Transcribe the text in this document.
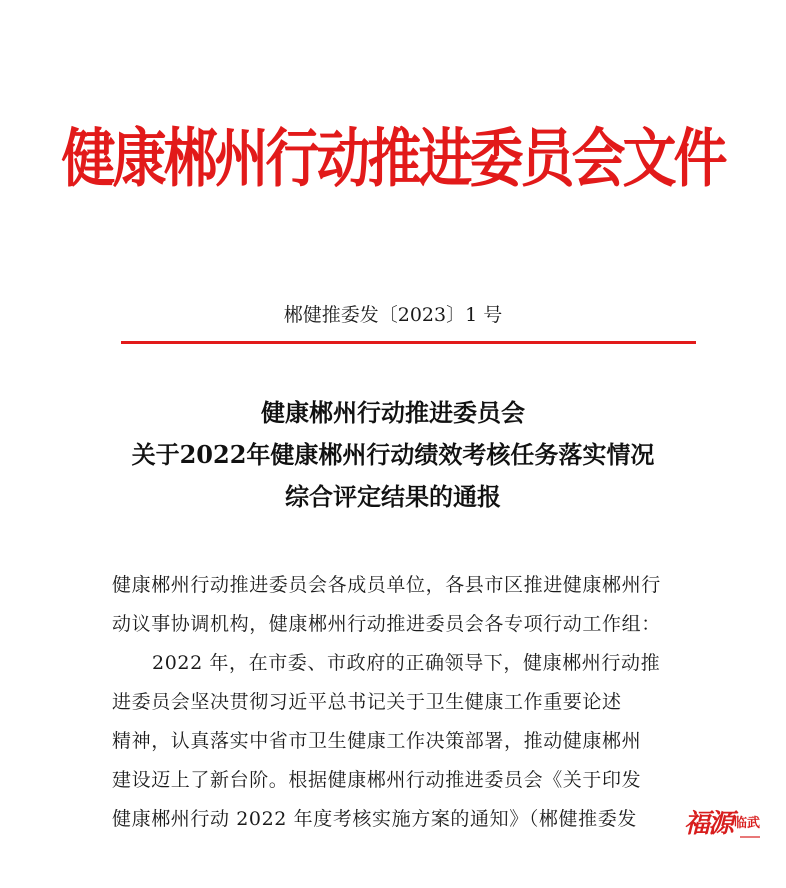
健康郴州行动推进委员会文件
郴健推委发〔2023〕1 号
健康郴州行动推进委员会
关于2022年健康郴州行动绩效考核任务落实情况
综合评定结果的通报
健康郴州行动推进委员会各成员单位，各县市区推进健康郴州行
动议事协调机构，健康郴州行动推进委员会各专项行动工作组：
2022 年，在市委、市政府的正确领导下，健康郴州行动推
进委员会坚决贯彻习近平总书记关于卫生健康工作重要论述
精神，认真落实中省市卫生健康工作决策部署，推动健康郴州
建设迈上了新台阶。根据健康郴州行动推进委员会《关于印发
健康郴州行动 2022 年度考核实施方案的通知》（郴健推委发	福源 临武
